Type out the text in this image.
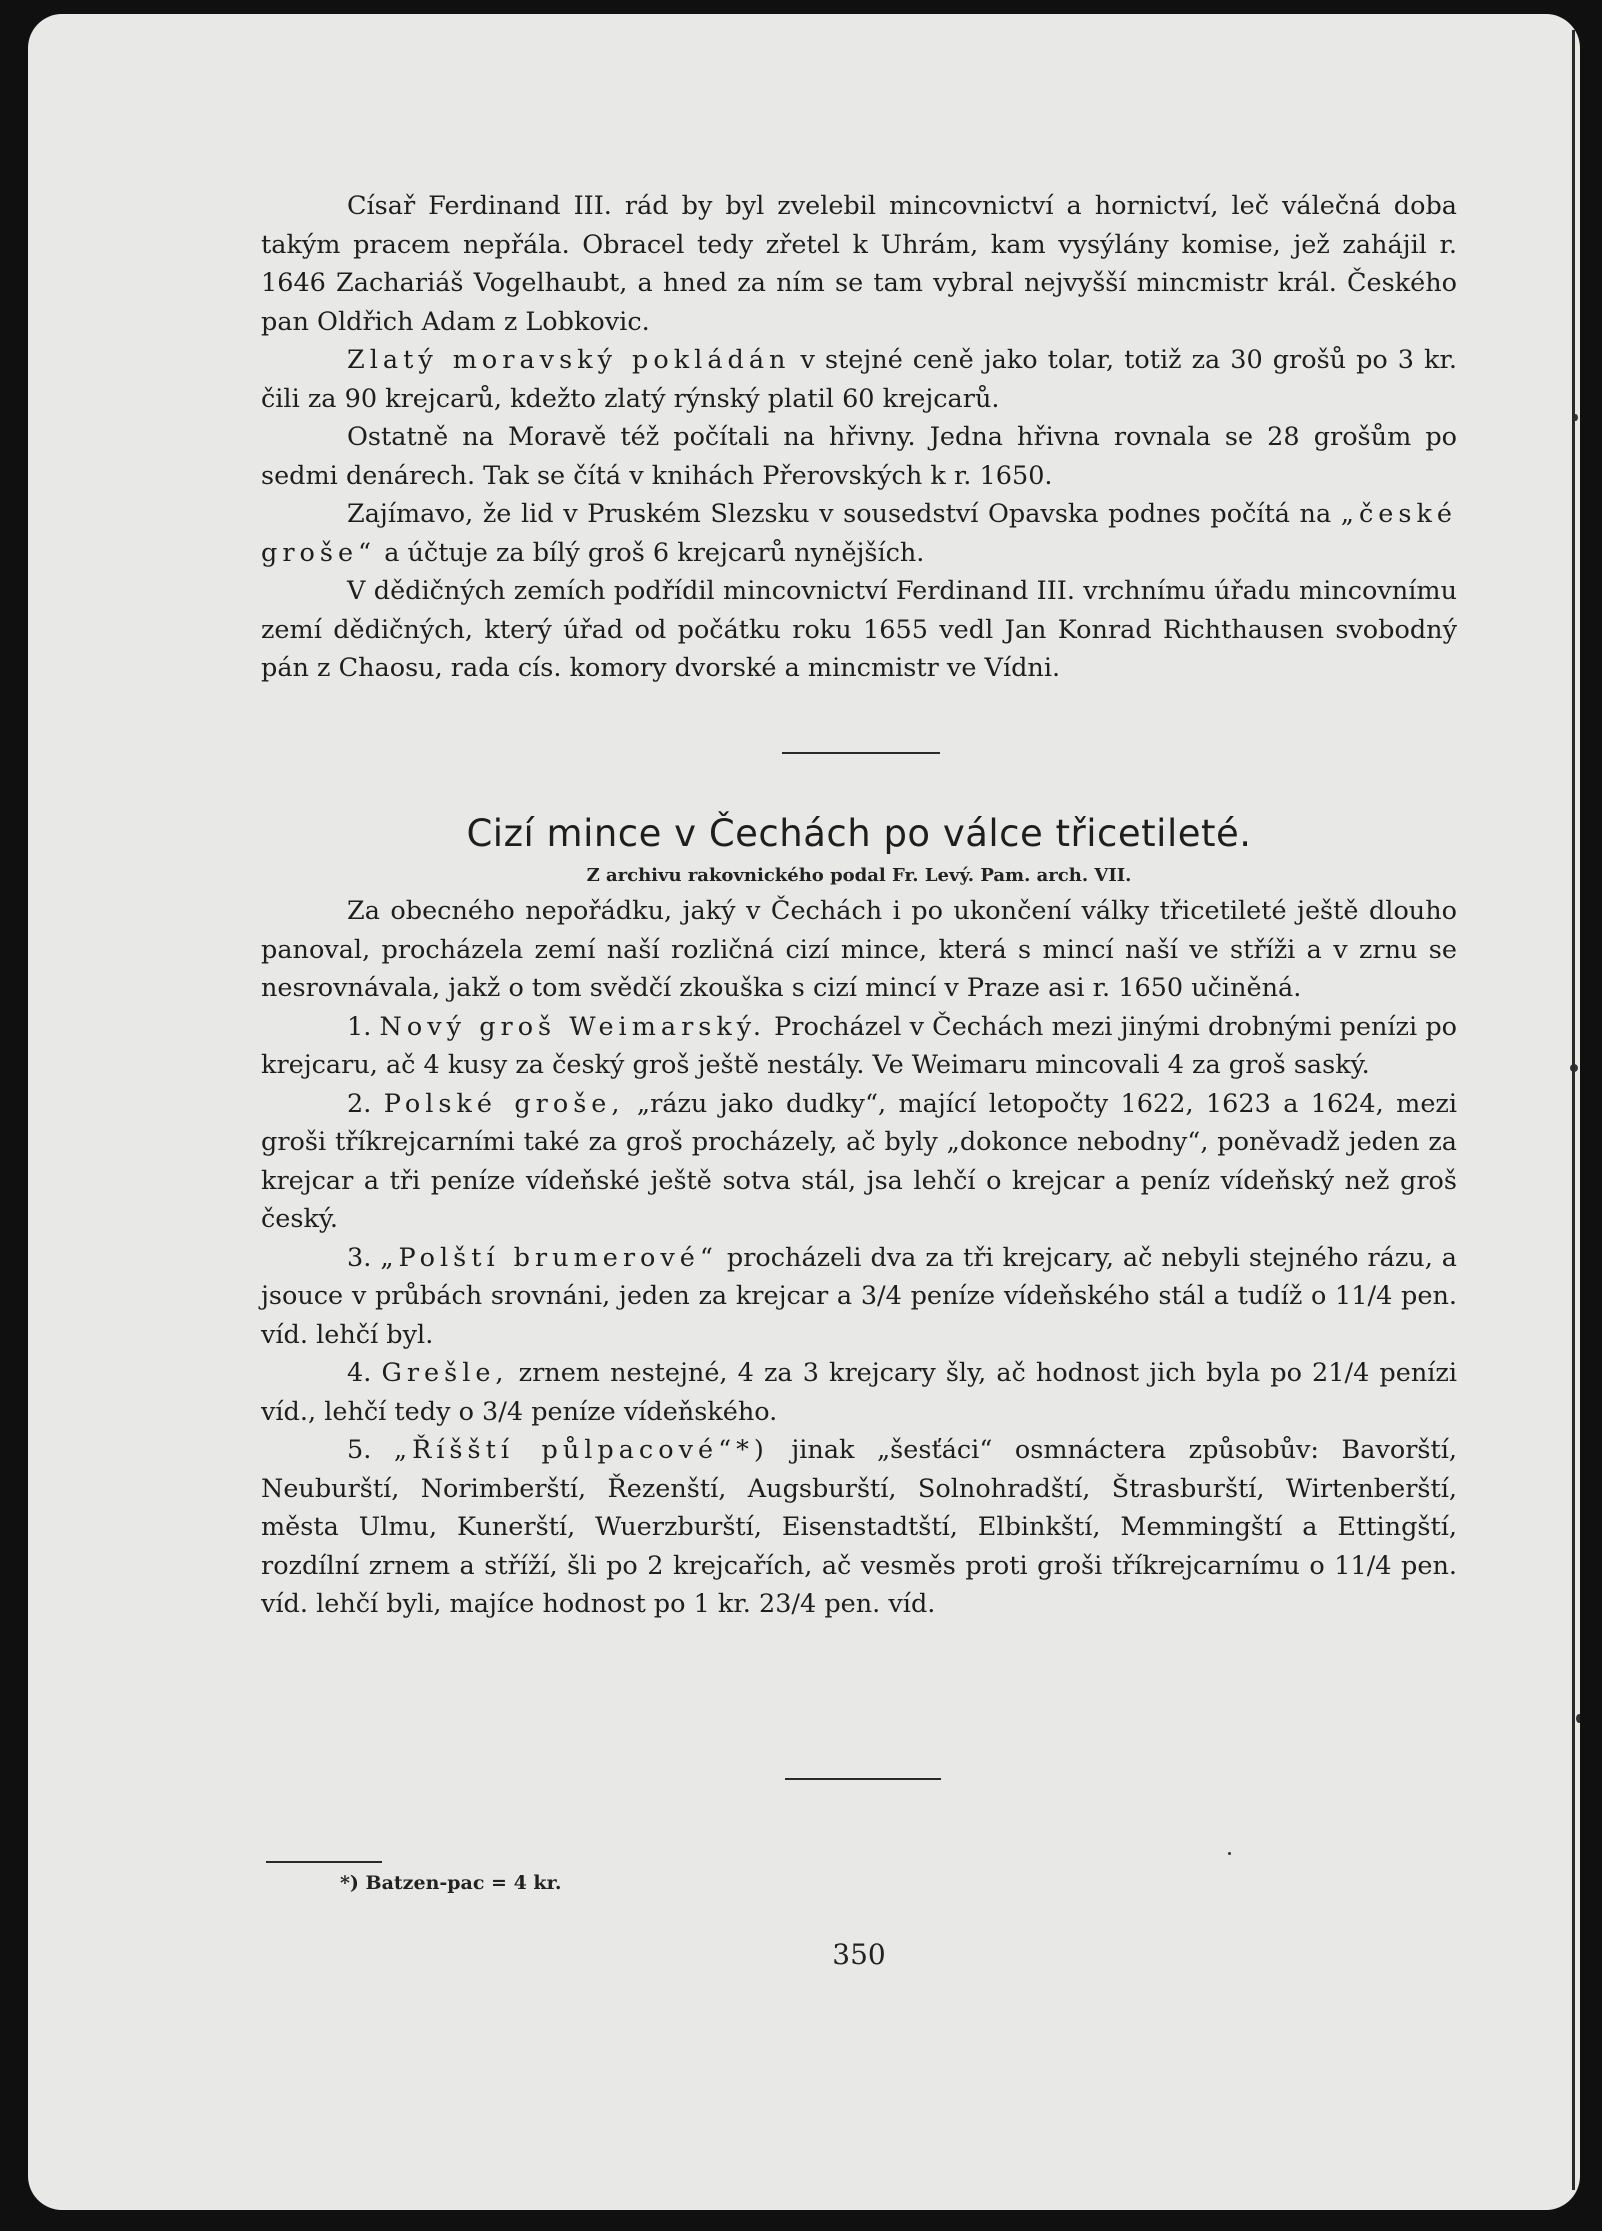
Císař Ferdinand III. rád by byl zvelebil mincovnictví a hornictví, leč válečná doba takým pracem nepřála. Obracel tedy zřetel k Uhrám, kam vysýlány komise, jež zahájil r. 1646 Zachariáš Vogelhaubt, a hned za ním se tam vybral nejvyšší mincmistr král. Českého pan Oldřich Adam z Lobkovic.

Zlatý moravský pokládán v stejné ceně jako tolar, totiž za 30 grošů po 3 kr. čili za 90 krejcarů, kdežto zlatý rýnský platil 60 krejcarů.

Ostatně na Moravě též počítali na hřivny. Jedna hřivna rovnala se 28 grošům po sedmi denárech. Tak se čítá v knihách Přerovských k r. 1650.

Zajímavo, že lid v Pruském Slezsku v sousedství Opavska podnes počítá na „české groše“ a účtuje za bílý groš 6 krejcarů nynějších.

V dědičných zemích podřídil mincovnictví Ferdinand III. vrchnímu úřadu mincovnímu zemí dědičných, který úřad od počátku roku 1655 vedl Jan Konrad Richthausen svobodný pán z Chaosu, rada cís. komory dvorské a mincmistr ve Vídni.

Cizí mince v Čechách po válce třicetileté.
Z archivu rakovnického podal Fr. Levý. Pam. arch. VII.

Za obecného nepořádku, jaký v Čechách i po ukončení války třicetileté ještě dlouho panoval, procházela zemí naší rozličná cizí mince, která s mincí naší ve stříži a v zrnu se nesrovnávala, jakž o tom svědčí zkouška s cizí mincí v Praze asi r. 1650 učiněná.

1. Nový groš Weimarský. Procházel v Čechách mezi jinými drobnými penízi po krejcaru, ač 4 kusy za český groš ještě nestály. Ve Weimaru mincovali 4 za groš saský.

2. Polské groše, „rázu jako dudky“, mající letopočty 1622, 1623 a 1624, mezi groši tříkrejcarními také za groš procházely, ač byly „dokonce nebodny“, poněvadž jeden za krejcar a tři peníze vídeňské ještě sotva stál, jsa lehčí o krejcar a peníz vídeňský než groš český.

3. „Polští brumerové“ procházeli dva za tři krejcary, ač nebyli stejného rázu, a jsouce v průbách srovnáni, jeden za krejcar a 3/4 peníze vídeňského stál a tudíž o 11/4 pen. víd. lehčí byl.

4. Grešle, zrnem nestejné, 4 za 3 krejcary šly, ač hodnost jich byla po 21/4 penízi víd., lehčí tedy o 3/4 peníze vídeňského.

5. „Říšští půlpacové“*) jinak „šesťáci“ osmnáctera způsobův: Bavorští, Neuburští, Norimberští, Řezenští, Augsburští, Solnohradští, Štrasburští, Wirtenberští, města Ulmu, Kunerští, Wuerzburští, Eisenstadtští, Elbinkští, Memmingští a Ettingští, rozdílní zrnem a stříží, šli po 2 krejcařích, ač vesměs proti groši tříkrejcarnímu o 11/4 pen. víd. lehčí byli, majíce hodnost po 1 kr. 23/4 pen. víd.

*) Batzen-pac = 4 kr.
350
